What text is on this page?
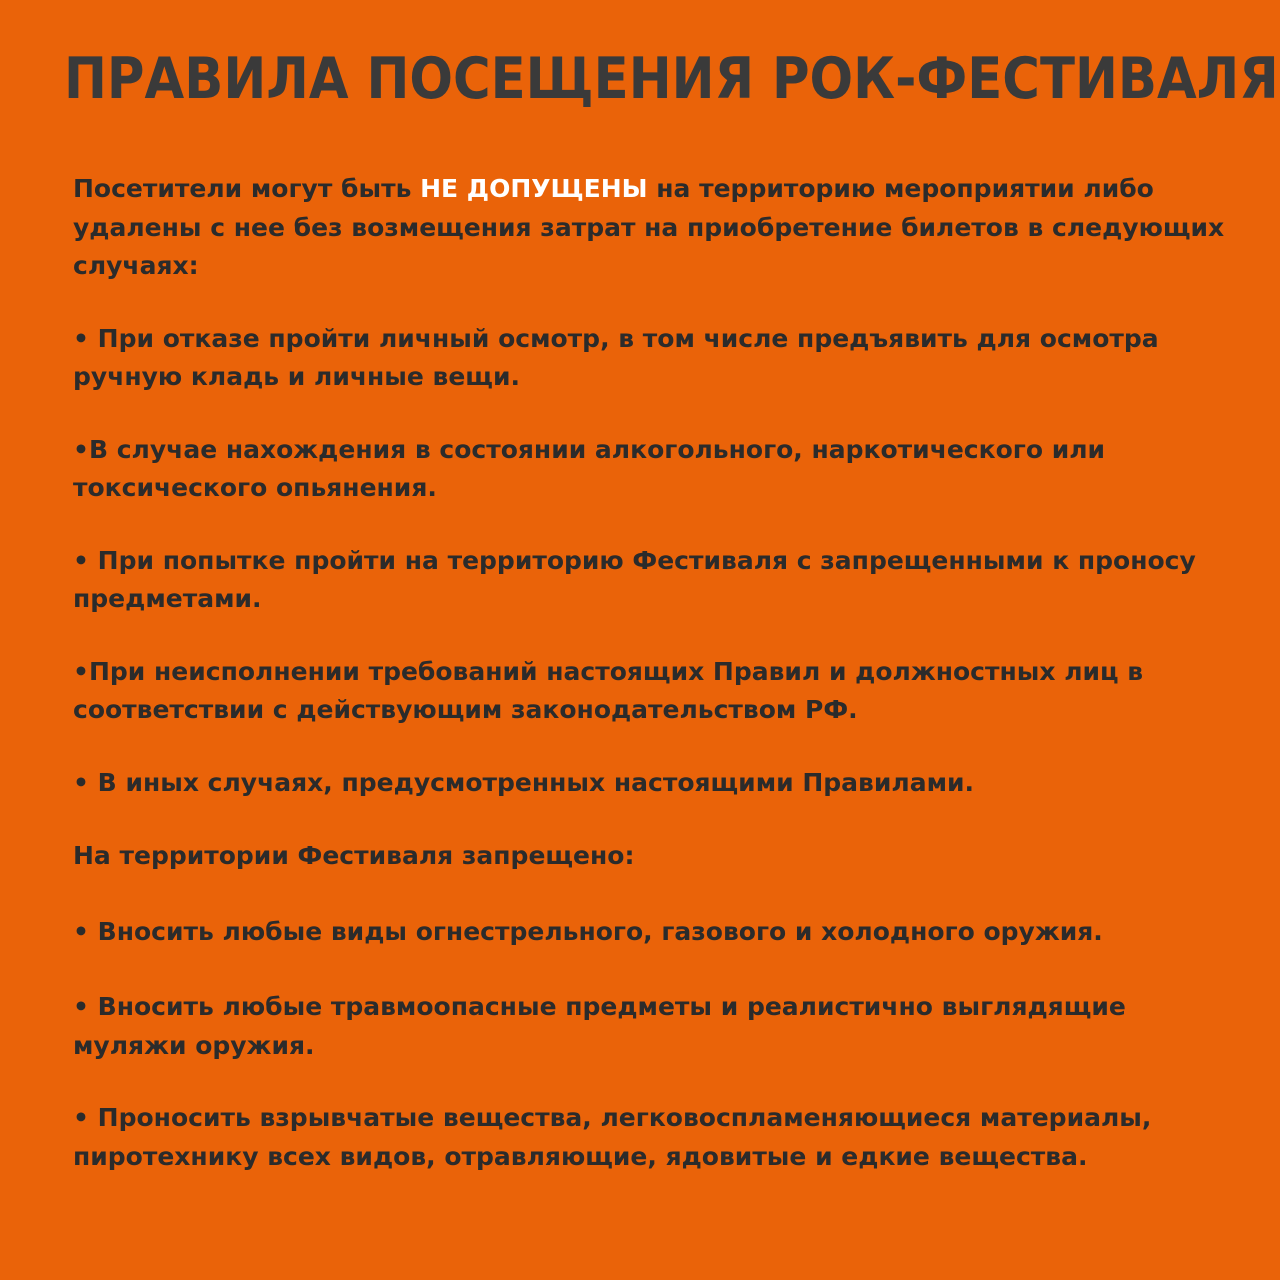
ПРАВИЛА ПОСЕЩЕНИЯ РОК-ФЕСТИВАЛЯ

Посетители могут быть НЕ ДОПУЩЕНЫ на территорию мероприятии либо удалены с нее без возмещения затрат на приобретение билетов в следующих случаях:

• При отказе пройти личный осмотр, в том числе предъявить для осмотра ручную кладь и личные вещи.

•В случае нахождения в состоянии алкогольного, наркотического или токсического опьянения.

• При попытке пройти на территорию Фестиваля с запрещенными к проносу предметами.

•При неисполнении требований настоящих Правил и должностных лиц в соответствии с действующим законодательством РФ.

• В иных случаях, предусмотренных настоящими Правилами.

На территории Фестиваля запрещено:

• Вносить любые виды огнестрельного, газового и холодного оружия.

• Вносить любые травмоопасные предметы и реалистично выглядящие муляжи оружия.

• Проносить взрывчатые вещества, легковоспламеняющиеся материалы, пиротехнику всех видов, отравляющие, ядовитые и едкие вещества.
